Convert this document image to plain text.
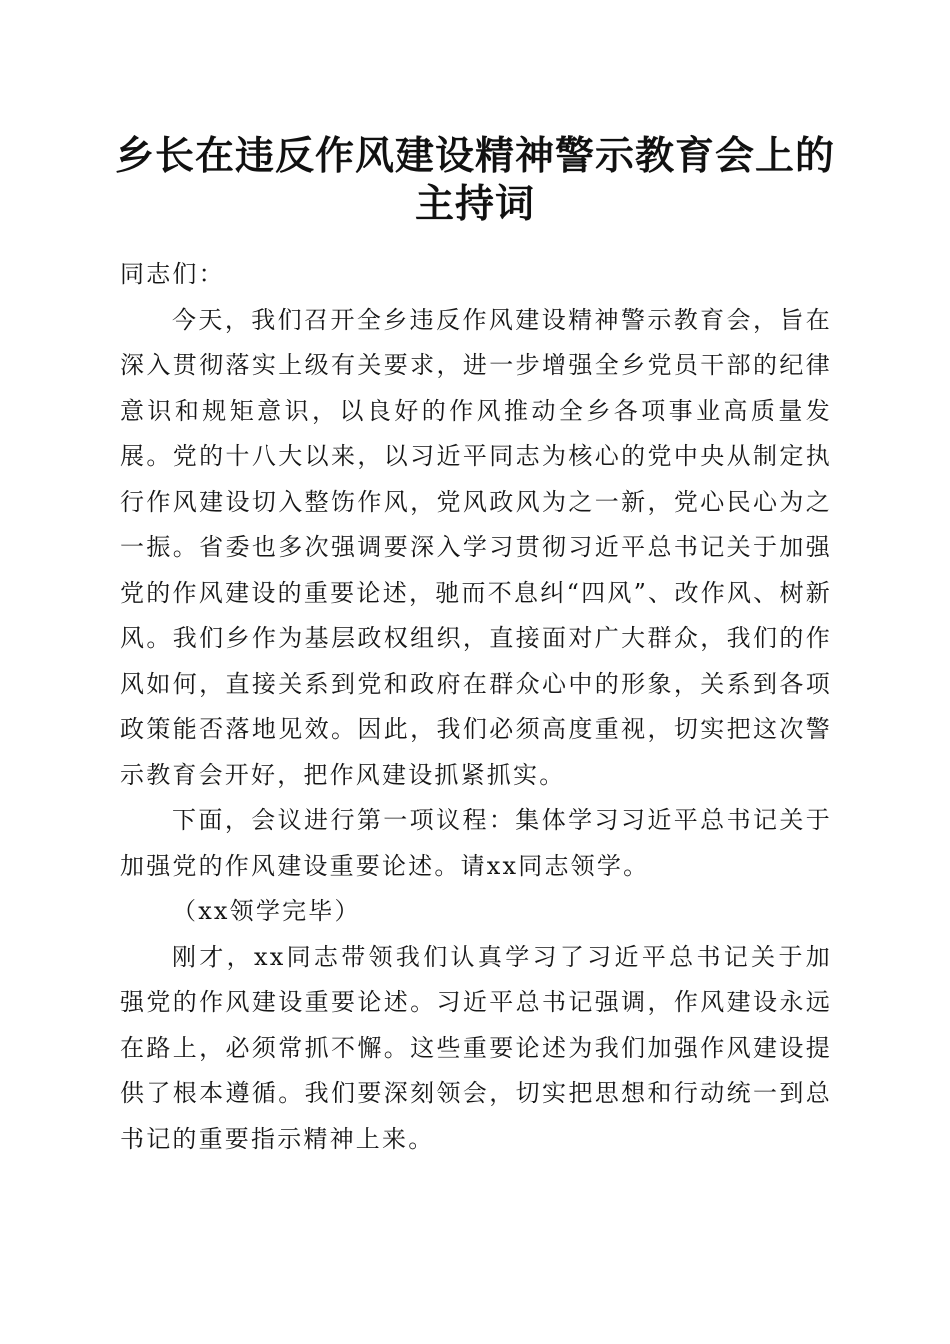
乡长在违反作风建设精神警示教育会上的主持词

同志们：

今天，我们召开全乡违反作风建设精神警示教育会，旨在深入贯彻落实上级有关要求，进一步增强全乡党员干部的纪律意识和规矩意识，以良好的作风推动全乡各项事业高质量发展。党的十八大以来，以习近平同志为核心的党中央从制定执行作风建设切入整饬作风，党风政风为之一新，党心民心为之一振。省委也多次强调要深入学习贯彻习近平总书记关于加强党的作风建设的重要论述，驰而不息纠“四风”、改作风、树新风。我们乡作为基层政权组织，直接面对广大群众，我们的作风如何，直接关系到党和政府在群众心中的形象，关系到各项政策能否落地见效。因此，我们必须高度重视，切实把这次警示教育会开好，把作风建设抓紧抓实。

下面，会议进行第一项议程：集体学习习近平总书记关于加强党的作风建设重要论述。请xx同志领学。

（xx领学完毕）

刚才，xx同志带领我们认真学习了习近平总书记关于加强党的作风建设重要论述。习近平总书记强调，作风建设永远在路上，必须常抓不懈。这些重要论述为我们加强作风建设提供了根本遵循。我们要深刻领会，切实把思想和行动统一到总书记的重要指示精神上来。
